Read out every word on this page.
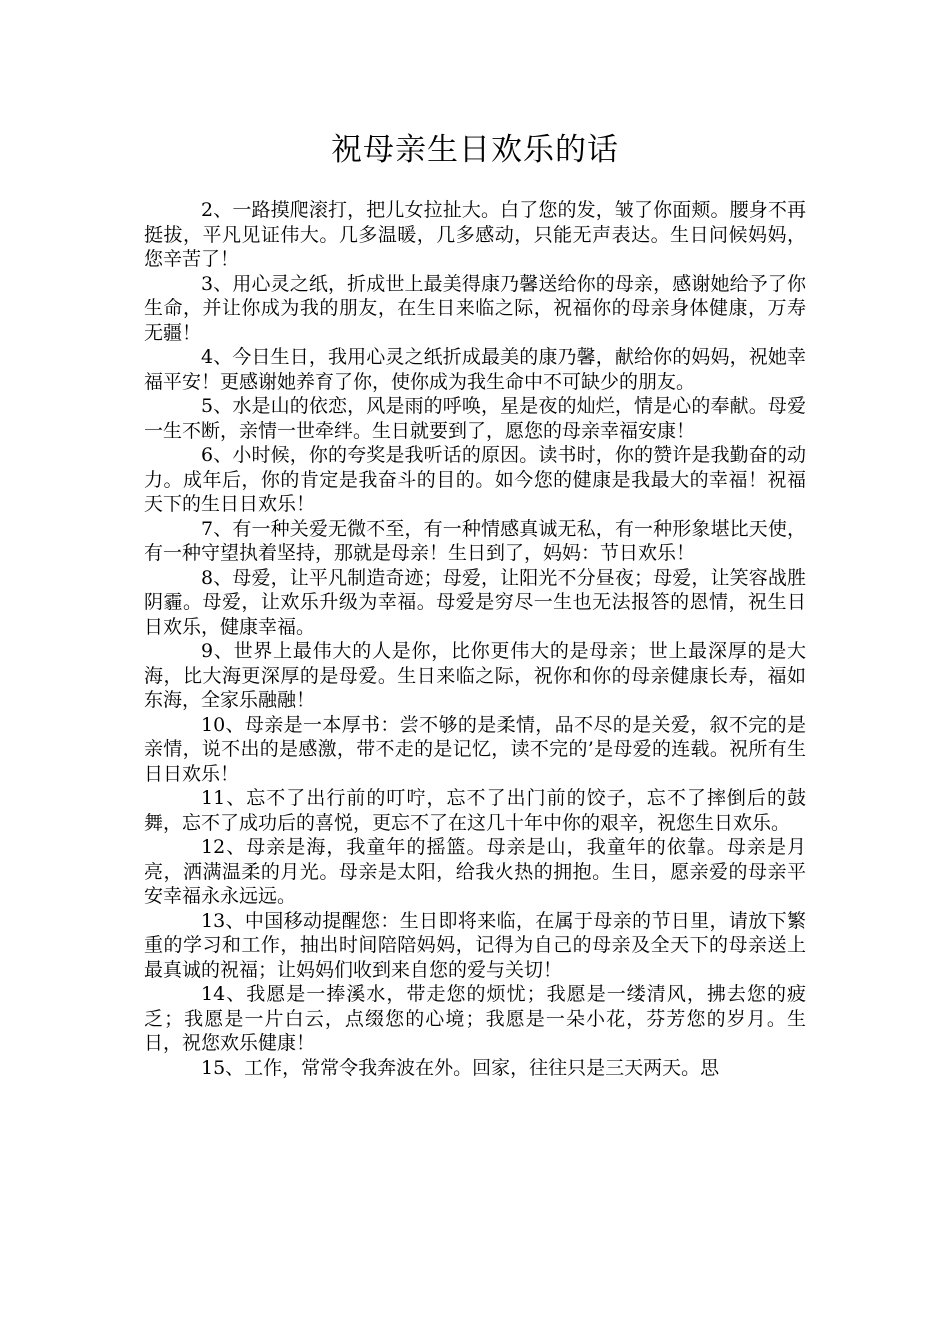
祝母亲生日欢乐的话

2、一路摸爬滚打，把儿女拉扯大。白了您的发，皱了你面颊。腰身不再挺拔，平凡见证伟大。几多温暖，几多感动，只能无声表达。生日问候妈妈，您辛苦了！

3、用心灵之纸，折成世上最美得康乃馨送给你的母亲，感谢她给予了你生命，并让你成为我的朋友，在生日来临之际，祝福你的母亲身体健康，万寿无疆！

4、今日生日，我用心灵之纸折成最美的康乃馨，献给你的妈妈，祝她幸福平安！更感谢她养育了你，使你成为我生命中不可缺少的朋友。

5、水是山的依恋，风是雨的呼唤，星是夜的灿烂，情是心的奉献。母爱一生不断，亲情一世牵绊。生日就要到了，愿您的母亲幸福安康！

6、小时候，你的夸奖是我听话的原因。读书时，你的赞许是我勤奋的动力。成年后，你的肯定是我奋斗的目的。如今您的健康是我最大的幸福！祝福天下的生日日欢乐！

7、有一种关爱无微不至，有一种情感真诚无私，有一种形象堪比天使，有一种守望执着坚持，那就是母亲！生日到了，妈妈：节日欢乐！

8、母爱，让平凡制造奇迹；母爱，让阳光不分昼夜；母爱，让笑容战胜阴霾。母爱，让欢乐升级为幸福。母爱是穷尽一生也无法报答的恩情，祝生日日欢乐，健康幸福。

9、世界上最伟大的人是你，比你更伟大的是母亲；世上最深厚的是大海，比大海更深厚的是母爱。生日来临之际，祝你和你的母亲健康长寿，福如东海，全家乐融融！

10、母亲是一本厚书：尝不够的是柔情，品不尽的是关爱，叙不完的是亲情，说不出的是感激，带不走的是记忆，读不完的’是母爱的连载。祝所有生日日欢乐！

11、忘不了出行前的叮咛，忘不了出门前的饺子，忘不了摔倒后的鼓舞，忘不了成功后的喜悦，更忘不了在这几十年中你的艰辛，祝您生日欢乐。

12、母亲是海，我童年的摇篮。母亲是山，我童年的依靠。母亲是月亮，洒满温柔的月光。母亲是太阳，给我火热的拥抱。生日，愿亲爱的母亲平安幸福永永远远。

13、中国移动提醒您：生日即将来临，在属于母亲的节日里，请放下繁重的学习和工作，抽出时间陪陪妈妈，记得为自己的母亲及全天下的母亲送上最真诚的祝福；让妈妈们收到来自您的爱与关切！

14、我愿是一捧溪水，带走您的烦忧；我愿是一缕清风，拂去您的疲乏；我愿是一片白云，点缀您的心境；我愿是一朵小花，芬芳您的岁月。生日，祝您欢乐健康！

15、工作，常常令我奔波在外。回家，往往只是三天两天。思
